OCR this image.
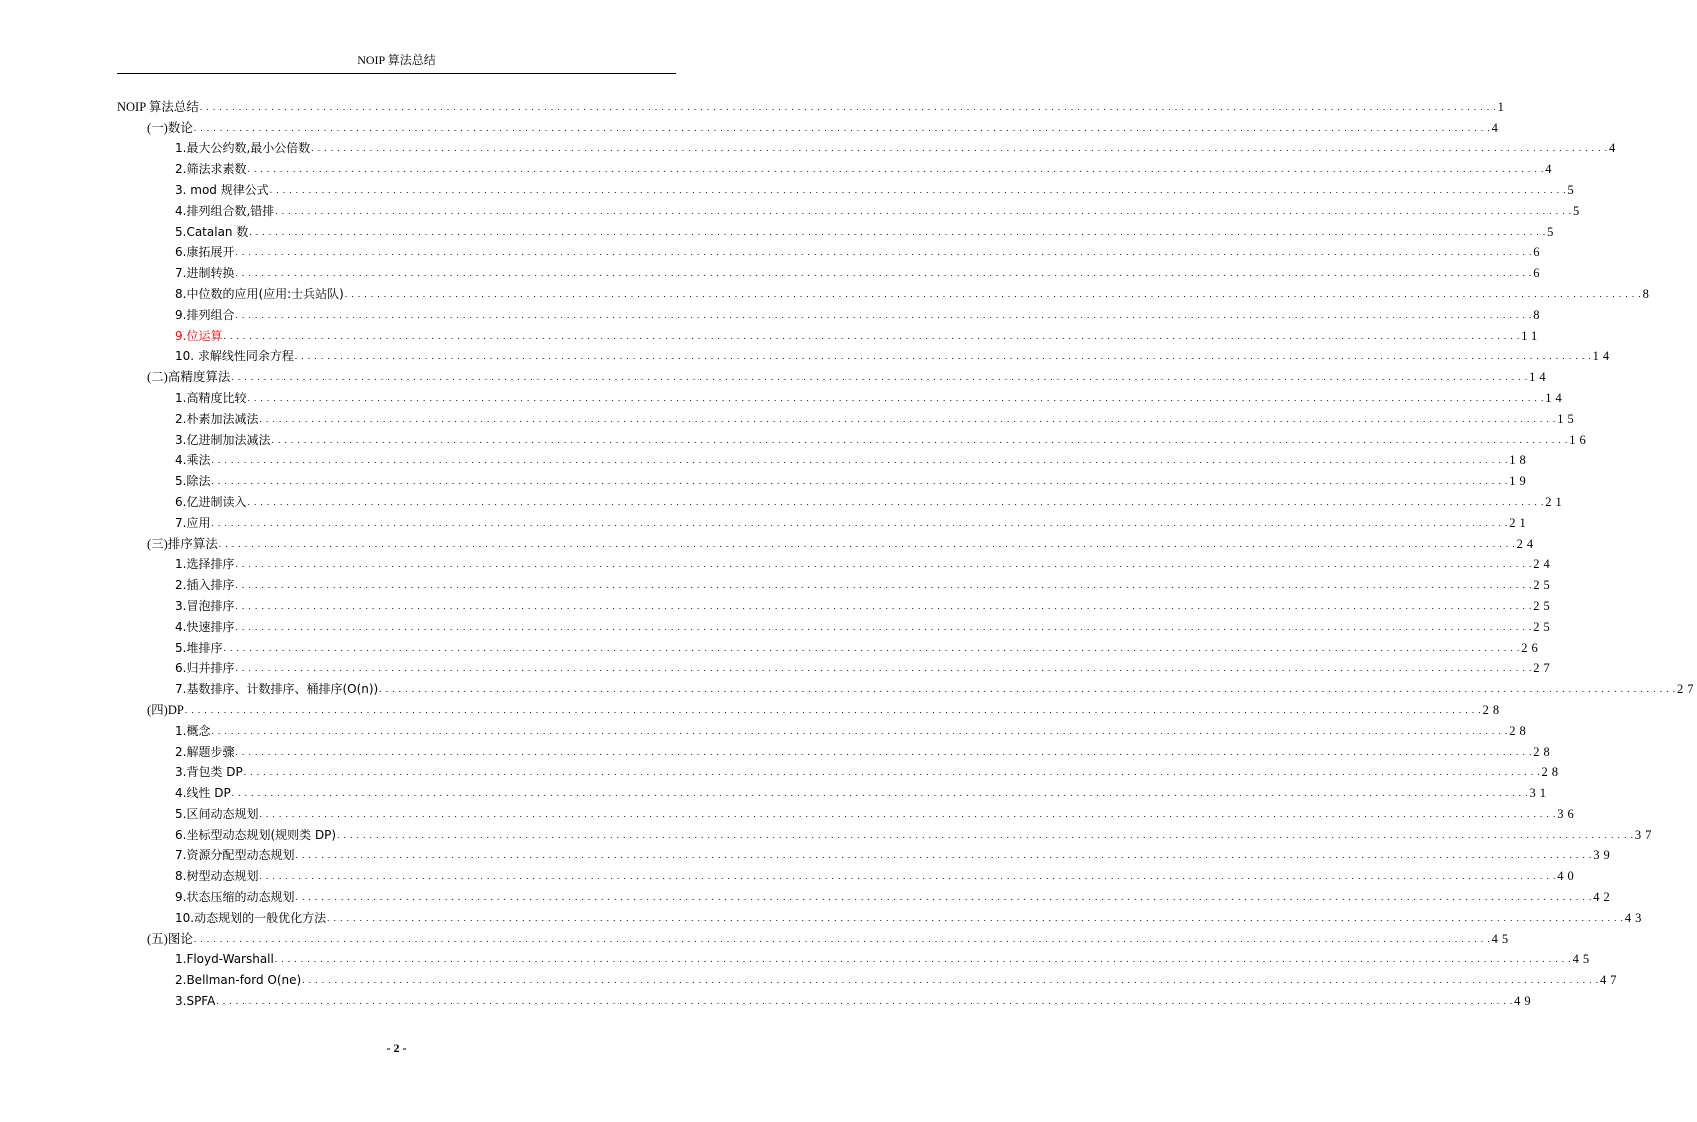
NOIP 算法总结
NOIP 算法总结 . . . . . . . . . . . . . . . . . . . . . . . . . . . . . . . . . . . . . . . . . . . . . . . . . . . . . . . . . . . . . . . . . . . . . . . . . . . . . . . . . . . . . . . . . . . . . . . . . . . . . . . . . . . . . . . . . . . . . . . . . . . . . . . . . . . . . . . . . . . . . . . . . . . . . . . . . . . . . . . . . . . . . . . . . . . . . . . . . . . . . . . . . . . . . . . . . . . . . . . . 1
(一)数论 . . . . . . . . . . . . . . . . . . . . . . . . . . . . . . . . . . . . . . . . . . . . . . . . . . . . . . . . . . . . . . . . . . . . . . . . . . . . . . . . . . . . . . . . . . . . . . . . . . . . . . . . . . . . . . . . . . . . . . . . . . . . . . . . . . . . . . . . . . . . . . . . . . . . . . . . . . . . . . . . . . . . . . . . . . . . . . . . . . . . . . . . . . . . . . . . . . . . . . . . 4
1.最大公约数,最小公倍数 . . . . . . . . . . . . . . . . . . . . . . . . . . . . . . . . . . . . . . . . . . . . . . . . . . . . . . . . . . . . . . . . . . . . . . . . . . . . . . . . . . . . . . . . . . . . . . . . . . . . . . . . . . . . . . . . . . . . . . . . . . . . . . . . . . . . . . . . . . . . . . . . . . . . . . . . . . . . . . . . . . . . . . . . . . . . . . . . . . . . . . . . . . . . . . . . . . . . . . . . 4
2.筛法求素数 . . . . . . . . . . . . . . . . . . . . . . . . . . . . . . . . . . . . . . . . . . . . . . . . . . . . . . . . . . . . . . . . . . . . . . . . . . . . . . . . . . . . . . . . . . . . . . . . . . . . . . . . . . . . . . . . . . . . . . . . . . . . . . . . . . . . . . . . . . . . . . . . . . . . . . . . . . . . . . . . . . . . . . . . . . . . . . . . . . . . . . . . . . . . . . . . . . . . . . . . 4
3. mod 规律公式 . . . . . . . . . . . . . . . . . . . . . . . . . . . . . . . . . . . . . . . . . . . . . . . . . . . . . . . . . . . . . . . . . . . . . . . . . . . . . . . . . . . . . . . . . . . . . . . . . . . . . . . . . . . . . . . . . . . . . . . . . . . . . . . . . . . . . . . . . . . . . . . . . . . . . . . . . . . . . . . . . . . . . . . . . . . . . . . . . . . . . . . . . . . . . . . . . . . . . . . . 5
4.排列组合数,错排 . . . . . . . . . . . . . . . . . . . . . . . . . . . . . . . . . . . . . . . . . . . . . . . . . . . . . . . . . . . . . . . . . . . . . . . . . . . . . . . . . . . . . . . . . . . . . . . . . . . . . . . . . . . . . . . . . . . . . . . . . . . . . . . . . . . . . . . . . . . . . . . . . . . . . . . . . . . . . . . . . . . . . . . . . . . . . . . . . . . . . . . . . . . . . . . . . . . . . . . . 5
5.Catalan 数 . . . . . . . . . . . . . . . . . . . . . . . . . . . . . . . . . . . . . . . . . . . . . . . . . . . . . . . . . . . . . . . . . . . . . . . . . . . . . . . . . . . . . . . . . . . . . . . . . . . . . . . . . . . . . . . . . . . . . . . . . . . . . . . . . . . . . . . . . . . . . . . . . . . . . . . . . . . . . . . . . . . . . . . . . . . . . . . . . . . . . . . . . . . . . . . . . . . . . . . . 5
6.康拓展开 . . . . . . . . . . . . . . . . . . . . . . . . . . . . . . . . . . . . . . . . . . . . . . . . . . . . . . . . . . . . . . . . . . . . . . . . . . . . . . . . . . . . . . . . . . . . . . . . . . . . . . . . . . . . . . . . . . . . . . . . . . . . . . . . . . . . . . . . . . . . . . . . . . . . . . . . . . . . . . . . . . . . . . . . . . . . . . . . . . . . . . . . . . . . . . . . . . . . . . . . 6
7.进制转换 . . . . . . . . . . . . . . . . . . . . . . . . . . . . . . . . . . . . . . . . . . . . . . . . . . . . . . . . . . . . . . . . . . . . . . . . . . . . . . . . . . . . . . . . . . . . . . . . . . . . . . . . . . . . . . . . . . . . . . . . . . . . . . . . . . . . . . . . . . . . . . . . . . . . . . . . . . . . . . . . . . . . . . . . . . . . . . . . . . . . . . . . . . . . . . . . . . . . . . . . 6
8.中位数的应用(应用:士兵站队) . . . . . . . . . . . . . . . . . . . . . . . . . . . . . . . . . . . . . . . . . . . . . . . . . . . . . . . . . . . . . . . . . . . . . . . . . . . . . . . . . . . . . . . . . . . . . . . . . . . . . . . . . . . . . . . . . . . . . . . . . . . . . . . . . . . . . . . . . . . . . . . . . . . . . . . . . . . . . . . . . . . . . . . . . . . . . . . . . . . . . . . . . . . . . . . . . . . . . . . . 8
9.排列组合 . . . . . . . . . . . . . . . . . . . . . . . . . . . . . . . . . . . . . . . . . . . . . . . . . . . . . . . . . . . . . . . . . . . . . . . . . . . . . . . . . . . . . . . . . . . . . . . . . . . . . . . . . . . . . . . . . . . . . . . . . . . . . . . . . . . . . . . . . . . . . . . . . . . . . . . . . . . . . . . . . . . . . . . . . . . . . . . . . . . . . . . . . . . . . . . . . . . . . . . . 8
9.位运算 . . . . . . . . . . . . . . . . . . . . . . . . . . . . . . . . . . . . . . . . . . . . . . . . . . . . . . . . . . . . . . . . . . . . . . . . . . . . . . . . . . . . . . . . . . . . . . . . . . . . . . . . . . . . . . . . . . . . . . . . . . . . . . . . . . . . . . . . . . . . . . . . . . . . . . . . . . . . . . . . . . . . . . . . . . . . . . . . . . . . . . . . . . . . . . . . . . . . . . . . 11
10. 求解线性同余方程 . . . . . . . . . . . . . . . . . . . . . . . . . . . . . . . . . . . . . . . . . . . . . . . . . . . . . . . . . . . . . . . . . . . . . . . . . . . . . . . . . . . . . . . . . . . . . . . . . . . . . . . . . . . . . . . . . . . . . . . . . . . . . . . . . . . . . . . . . . . . . . . . . . . . . . . . . . . . . . . . . . . . . . . . . . . . . . . . . . . . . . . . . . . . . . . . . . . . . . . . 14
(二)高精度算法 . . . . . . . . . . . . . . . . . . . . . . . . . . . . . . . . . . . . . . . . . . . . . . . . . . . . . . . . . . . . . . . . . . . . . . . . . . . . . . . . . . . . . . . . . . . . . . . . . . . . . . . . . . . . . . . . . . . . . . . . . . . . . . . . . . . . . . . . . . . . . . . . . . . . . . . . . . . . . . . . . . . . . . . . . . . . . . . . . . . . . . . . . . . . . . . . . . . . . . . . 14
1.高精度比较 . . . . . . . . . . . . . . . . . . . . . . . . . . . . . . . . . . . . . . . . . . . . . . . . . . . . . . . . . . . . . . . . . . . . . . . . . . . . . . . . . . . . . . . . . . . . . . . . . . . . . . . . . . . . . . . . . . . . . . . . . . . . . . . . . . . . . . . . . . . . . . . . . . . . . . . . . . . . . . . . . . . . . . . . . . . . . . . . . . . . . . . . . . . . . . . . . . . . . . . . 14
2.朴素加法减法 . . . . . . . . . . . . . . . . . . . . . . . . . . . . . . . . . . . . . . . . . . . . . . . . . . . . . . . . . . . . . . . . . . . . . . . . . . . . . . . . . . . . . . . . . . . . . . . . . . . . . . . . . . . . . . . . . . . . . . . . . . . . . . . . . . . . . . . . . . . . . . . . . . . . . . . . . . . . . . . . . . . . . . . . . . . . . . . . . . . . . . . . . . . . . . . . . . . . . . . . 15
3.亿进制加法减法 . . . . . . . . . . . . . . . . . . . . . . . . . . . . . . . . . . . . . . . . . . . . . . . . . . . . . . . . . . . . . . . . . . . . . . . . . . . . . . . . . . . . . . . . . . . . . . . . . . . . . . . . . . . . . . . . . . . . . . . . . . . . . . . . . . . . . . . . . . . . . . . . . . . . . . . . . . . . . . . . . . . . . . . . . . . . . . . . . . . . . . . . . . . . . . . . . . . . . . . . 16
4.乘法 . . . . . . . . . . . . . . . . . . . . . . . . . . . . . . . . . . . . . . . . . . . . . . . . . . . . . . . . . . . . . . . . . . . . . . . . . . . . . . . . . . . . . . . . . . . . . . . . . . . . . . . . . . . . . . . . . . . . . . . . . . . . . . . . . . . . . . . . . . . . . . . . . . . . . . . . . . . . . . . . . . . . . . . . . . . . . . . . . . . . . . . . . . . . . . . . . . . . . . . . 18
5.除法 . . . . . . . . . . . . . . . . . . . . . . . . . . . . . . . . . . . . . . . . . . . . . . . . . . . . . . . . . . . . . . . . . . . . . . . . . . . . . . . . . . . . . . . . . . . . . . . . . . . . . . . . . . . . . . . . . . . . . . . . . . . . . . . . . . . . . . . . . . . . . . . . . . . . . . . . . . . . . . . . . . . . . . . . . . . . . . . . . . . . . . . . . . . . . . . . . . . . . . . . 19
6.亿进制读入 . . . . . . . . . . . . . . . . . . . . . . . . . . . . . . . . . . . . . . . . . . . . . . . . . . . . . . . . . . . . . . . . . . . . . . . . . . . . . . . . . . . . . . . . . . . . . . . . . . . . . . . . . . . . . . . . . . . . . . . . . . . . . . . . . . . . . . . . . . . . . . . . . . . . . . . . . . . . . . . . . . . . . . . . . . . . . . . . . . . . . . . . . . . . . . . . . . . . . . . . 21
7.应用 . . . . . . . . . . . . . . . . . . . . . . . . . . . . . . . . . . . . . . . . . . . . . . . . . . . . . . . . . . . . . . . . . . . . . . . . . . . . . . . . . . . . . . . . . . . . . . . . . . . . . . . . . . . . . . . . . . . . . . . . . . . . . . . . . . . . . . . . . . . . . . . . . . . . . . . . . . . . . . . . . . . . . . . . . . . . . . . . . . . . . . . . . . . . . . . . . . . . . . . . 21
(三)排序算法 . . . . . . . . . . . . . . . . . . . . . . . . . . . . . . . . . . . . . . . . . . . . . . . . . . . . . . . . . . . . . . . . . . . . . . . . . . . . . . . . . . . . . . . . . . . . . . . . . . . . . . . . . . . . . . . . . . . . . . . . . . . . . . . . . . . . . . . . . . . . . . . . . . . . . . . . . . . . . . . . . . . . . . . . . . . . . . . . . . . . . . . . . . . . . . . . . . . . . . . . 24
1.选择排序 . . . . . . . . . . . . . . . . . . . . . . . . . . . . . . . . . . . . . . . . . . . . . . . . . . . . . . . . . . . . . . . . . . . . . . . . . . . . . . . . . . . . . . . . . . . . . . . . . . . . . . . . . . . . . . . . . . . . . . . . . . . . . . . . . . . . . . . . . . . . . . . . . . . . . . . . . . . . . . . . . . . . . . . . . . . . . . . . . . . . . . . . . . . . . . . . . . . . . . . . 24
2.插入排序 . . . . . . . . . . . . . . . . . . . . . . . . . . . . . . . . . . . . . . . . . . . . . . . . . . . . . . . . . . . . . . . . . . . . . . . . . . . . . . . . . . . . . . . . . . . . . . . . . . . . . . . . . . . . . . . . . . . . . . . . . . . . . . . . . . . . . . . . . . . . . . . . . . . . . . . . . . . . . . . . . . . . . . . . . . . . . . . . . . . . . . . . . . . . . . . . . . . . . . . . 25
3.冒泡排序 . . . . . . . . . . . . . . . . . . . . . . . . . . . . . . . . . . . . . . . . . . . . . . . . . . . . . . . . . . . . . . . . . . . . . . . . . . . . . . . . . . . . . . . . . . . . . . . . . . . . . . . . . . . . . . . . . . . . . . . . . . . . . . . . . . . . . . . . . . . . . . . . . . . . . . . . . . . . . . . . . . . . . . . . . . . . . . . . . . . . . . . . . . . . . . . . . . . . . . . . 25
4.快速排序 . . . . . . . . . . . . . . . . . . . . . . . . . . . . . . . . . . . . . . . . . . . . . . . . . . . . . . . . . . . . . . . . . . . . . . . . . . . . . . . . . . . . . . . . . . . . . . . . . . . . . . . . . . . . . . . . . . . . . . . . . . . . . . . . . . . . . . . . . . . . . . . . . . . . . . . . . . . . . . . . . . . . . . . . . . . . . . . . . . . . . . . . . . . . . . . . . . . . . . . . 25
5.堆排序 . . . . . . . . . . . . . . . . . . . . . . . . . . . . . . . . . . . . . . . . . . . . . . . . . . . . . . . . . . . . . . . . . . . . . . . . . . . . . . . . . . . . . . . . . . . . . . . . . . . . . . . . . . . . . . . . . . . . . . . . . . . . . . . . . . . . . . . . . . . . . . . . . . . . . . . . . . . . . . . . . . . . . . . . . . . . . . . . . . . . . . . . . . . . . . . . . . . . . . . . 26
6.归并排序 . . . . . . . . . . . . . . . . . . . . . . . . . . . . . . . . . . . . . . . . . . . . . . . . . . . . . . . . . . . . . . . . . . . . . . . . . . . . . . . . . . . . . . . . . . . . . . . . . . . . . . . . . . . . . . . . . . . . . . . . . . . . . . . . . . . . . . . . . . . . . . . . . . . . . . . . . . . . . . . . . . . . . . . . . . . . . . . . . . . . . . . . . . . . . . . . . . . . . . . . 27
7.基数排序、计数排序、桶排序(O(n)) . . . . . . . . . . . . . . . . . . . . . . . . . . . . . . . . . . . . . . . . . . . . . . . . . . . . . . . . . . . . . . . . . . . . . . . . . . . . . . . . . . . . . . . . . . . . . . . . . . . . . . . . . . . . . . . . . . . . . . . . . . . . . . . . . . . . . . . . . . . . . . . . . . . . . . . . . . . . . . . . . . . . . . . . . . . . . . . . . . . . . . . . . . . . . . . . . . . . . . . . 27
(四)DP . . . . . . . . . . . . . . . . . . . . . . . . . . . . . . . . . . . . . . . . . . . . . . . . . . . . . . . . . . . . . . . . . . . . . . . . . . . . . . . . . . . . . . . . . . . . . . . . . . . . . . . . . . . . . . . . . . . . . . . . . . . . . . . . . . . . . . . . . . . . . . . . . . . . . . . . . . . . . . . . . . . . . . . . . . . . . . . . . . . . . . . . . . . . . . . . . . . . . . . . 28
1.概念 . . . . . . . . . . . . . . . . . . . . . . . . . . . . . . . . . . . . . . . . . . . . . . . . . . . . . . . . . . . . . . . . . . . . . . . . . . . . . . . . . . . . . . . . . . . . . . . . . . . . . . . . . . . . . . . . . . . . . . . . . . . . . . . . . . . . . . . . . . . . . . . . . . . . . . . . . . . . . . . . . . . . . . . . . . . . . . . . . . . . . . . . . . . . . . . . . . . . . . . . 28
2.解题步骤 . . . . . . . . . . . . . . . . . . . . . . . . . . . . . . . . . . . . . . . . . . . . . . . . . . . . . . . . . . . . . . . . . . . . . . . . . . . . . . . . . . . . . . . . . . . . . . . . . . . . . . . . . . . . . . . . . . . . . . . . . . . . . . . . . . . . . . . . . . . . . . . . . . . . . . . . . . . . . . . . . . . . . . . . . . . . . . . . . . . . . . . . . . . . . . . . . . . . . . . . 28
3.背包类 DP . . . . . . . . . . . . . . . . . . . . . . . . . . . . . . . . . . . . . . . . . . . . . . . . . . . . . . . . . . . . . . . . . . . . . . . . . . . . . . . . . . . . . . . . . . . . . . . . . . . . . . . . . . . . . . . . . . . . . . . . . . . . . . . . . . . . . . . . . . . . . . . . . . . . . . . . . . . . . . . . . . . . . . . . . . . . . . . . . . . . . . . . . . . . . . . . . . . . . . . . 28
4.线性 DP . . . . . . . . . . . . . . . . . . . . . . . . . . . . . . . . . . . . . . . . . . . . . . . . . . . . . . . . . . . . . . . . . . . . . . . . . . . . . . . . . . . . . . . . . . . . . . . . . . . . . . . . . . . . . . . . . . . . . . . . . . . . . . . . . . . . . . . . . . . . . . . . . . . . . . . . . . . . . . . . . . . . . . . . . . . . . . . . . . . . . . . . . . . . . . . . . . . . . . . . 31
5.区间动态规划 . . . . . . . . . . . . . . . . . . . . . . . . . . . . . . . . . . . . . . . . . . . . . . . . . . . . . . . . . . . . . . . . . . . . . . . . . . . . . . . . . . . . . . . . . . . . . . . . . . . . . . . . . . . . . . . . . . . . . . . . . . . . . . . . . . . . . . . . . . . . . . . . . . . . . . . . . . . . . . . . . . . . . . . . . . . . . . . . . . . . . . . . . . . . . . . . . . . . . . . . 36
6.坐标型动态规划(规则类 DP) . . . . . . . . . . . . . . . . . . . . . . . . . . . . . . . . . . . . . . . . . . . . . . . . . . . . . . . . . . . . . . . . . . . . . . . . . . . . . . . . . . . . . . . . . . . . . . . . . . . . . . . . . . . . . . . . . . . . . . . . . . . . . . . . . . . . . . . . . . . . . . . . . . . . . . . . . . . . . . . . . . . . . . . . . . . . . . . . . . . . . . . . . . . . . . . . . . . . . . . . 37
7.资源分配型动态规划 . . . . . . . . . . . . . . . . . . . . . . . . . . . . . . . . . . . . . . . . . . . . . . . . . . . . . . . . . . . . . . . . . . . . . . . . . . . . . . . . . . . . . . . . . . . . . . . . . . . . . . . . . . . . . . . . . . . . . . . . . . . . . . . . . . . . . . . . . . . . . . . . . . . . . . . . . . . . . . . . . . . . . . . . . . . . . . . . . . . . . . . . . . . . . . . . . . . . . . . . 39
8.树型动态规划 . . . . . . . . . . . . . . . . . . . . . . . . . . . . . . . . . . . . . . . . . . . . . . . . . . . . . . . . . . . . . . . . . . . . . . . . . . . . . . . . . . . . . . . . . . . . . . . . . . . . . . . . . . . . . . . . . . . . . . . . . . . . . . . . . . . . . . . . . . . . . . . . . . . . . . . . . . . . . . . . . . . . . . . . . . . . . . . . . . . . . . . . . . . . . . . . . . . . . . . . 40
9.状态压缩的动态规划 . . . . . . . . . . . . . . . . . . . . . . . . . . . . . . . . . . . . . . . . . . . . . . . . . . . . . . . . . . . . . . . . . . . . . . . . . . . . . . . . . . . . . . . . . . . . . . . . . . . . . . . . . . . . . . . . . . . . . . . . . . . . . . . . . . . . . . . . . . . . . . . . . . . . . . . . . . . . . . . . . . . . . . . . . . . . . . . . . . . . . . . . . . . . . . . . . . . . . . . . 42
10.动态规划的一般优化方法 . . . . . . . . . . . . . . . . . . . . . . . . . . . . . . . . . . . . . . . . . . . . . . . . . . . . . . . . . . . . . . . . . . . . . . . . . . . . . . . . . . . . . . . . . . . . . . . . . . . . . . . . . . . . . . . . . . . . . . . . . . . . . . . . . . . . . . . . . . . . . . . . . . . . . . . . . . . . . . . . . . . . . . . . . . . . . . . . . . . . . . . . . . . . . . . . . . . . . . . . 43
(五)图论 . . . . . . . . . . . . . . . . . . . . . . . . . . . . . . . . . . . . . . . . . . . . . . . . . . . . . . . . . . . . . . . . . . . . . . . . . . . . . . . . . . . . . . . . . . . . . . . . . . . . . . . . . . . . . . . . . . . . . . . . . . . . . . . . . . . . . . . . . . . . . . . . . . . . . . . . . . . . . . . . . . . . . . . . . . . . . . . . . . . . . . . . . . . . . . . . . . . . . . . . 45
1.Floyd-Warshall . . . . . . . . . . . . . . . . . . . . . . . . . . . . . . . . . . . . . . . . . . . . . . . . . . . . . . . . . . . . . . . . . . . . . . . . . . . . . . . . . . . . . . . . . . . . . . . . . . . . . . . . . . . . . . . . . . . . . . . . . . . . . . . . . . . . . . . . . . . . . . . . . . . . . . . . . . . . . . . . . . . . . . . . . . . . . . . . . . . . . . . . . . . . . . . . . . . . . . . . 45
2.Bellman-ford O(ne) . . . . . . . . . . . . . . . . . . . . . . . . . . . . . . . . . . . . . . . . . . . . . . . . . . . . . . . . . . . . . . . . . . . . . . . . . . . . . . . . . . . . . . . . . . . . . . . . . . . . . . . . . . . . . . . . . . . . . . . . . . . . . . . . . . . . . . . . . . . . . . . . . . . . . . . . . . . . . . . . . . . . . . . . . . . . . . . . . . . . . . . . . . . . . . . . . . . . . . . . 47
3.SPFA . . . . . . . . . . . . . . . . . . . . . . . . . . . . . . . . . . . . . . . . . . . . . . . . . . . . . . . . . . . . . . . . . . . . . . . . . . . . . . . . . . . . . . . . . . . . . . . . . . . . . . . . . . . . . . . . . . . . . . . . . . . . . . . . . . . . . . . . . . . . . . . . . . . . . . . . . . . . . . . . . . . . . . . . . . . . . . . . . . . . . . . . . . . . . . . . . . . . . . . . 49
- 2 -
